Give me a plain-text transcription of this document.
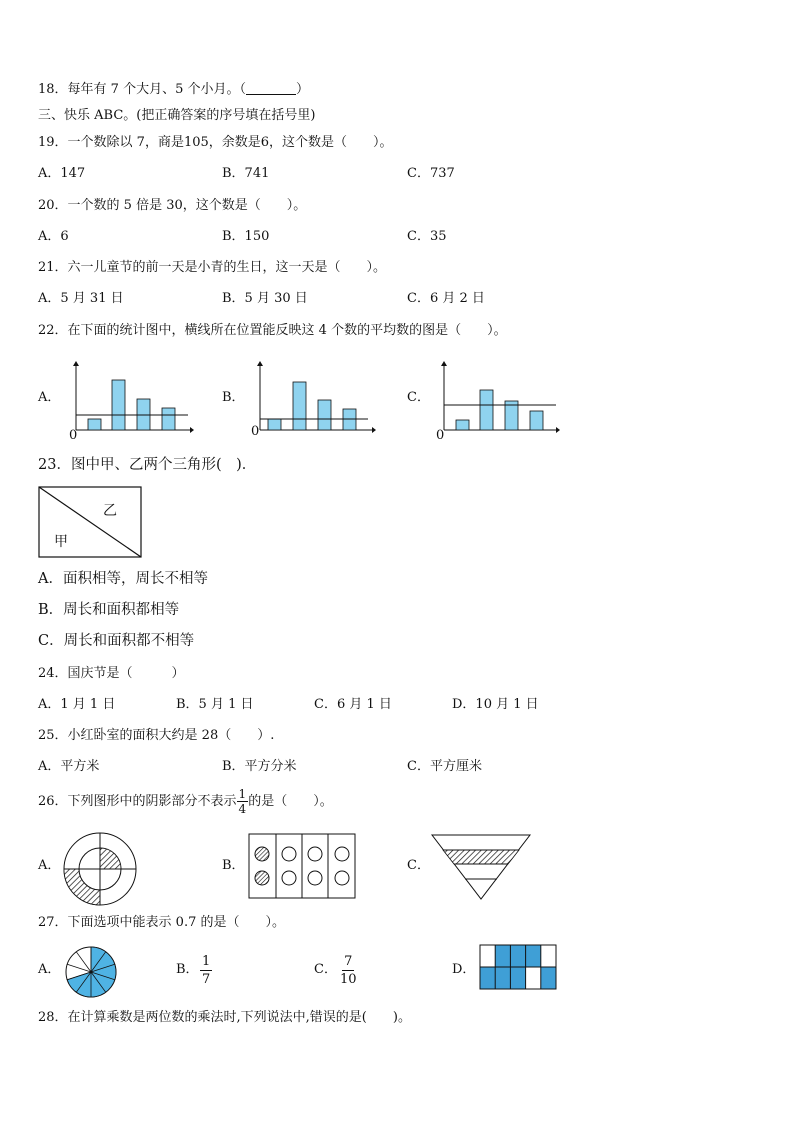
18．每年有 7 个大月、5 个小月。（	）
三、快乐 ABC。(把正确答案的序号填在括号里)
19．一个数除以 7，商是105，余数是6，这个数是（　　）。
A．147	B．741	C．737
20．一个数的 5 倍是 30，这个数是（　　）。
A．6	B．150	C．35
21．六一儿童节的前一天是小青的生日，这一天是（　　）。
A．5 月 31 日	B．5 月 30 日	C．6 月 2 日
22．在下面的统计图中，横线所在位置能反映这 4 个数的平均数的图是（　　）。
A．	B．	C．
0	0	0
23．图中甲、乙两个三角形(　)．
甲
乙
A．面积相等，周长不相等
B．周长和面积都相等
C．周长和面积都不相等
24．国庆节是（　　　）
A．1 月 1 日	B．5 月 1 日	C．6 月 1 日	D．10 月 1 日
25．小红卧室的面积大约是 28（　　）.
A．平方米	B．平方分米	C．平方厘米
26．下列图形中的阴影部分不表示 $\frac{1}{4}$ 的是（　　）。
A．	B．	C．
27．下面选项中能表示 0.7 的是（　　）。
A．	B．	C．	D．
$\frac{1}{7}$	$\frac{7}{10}$
28．在计算乘数是两位数的乘法时,下列说法中,错误的是(　　)。
